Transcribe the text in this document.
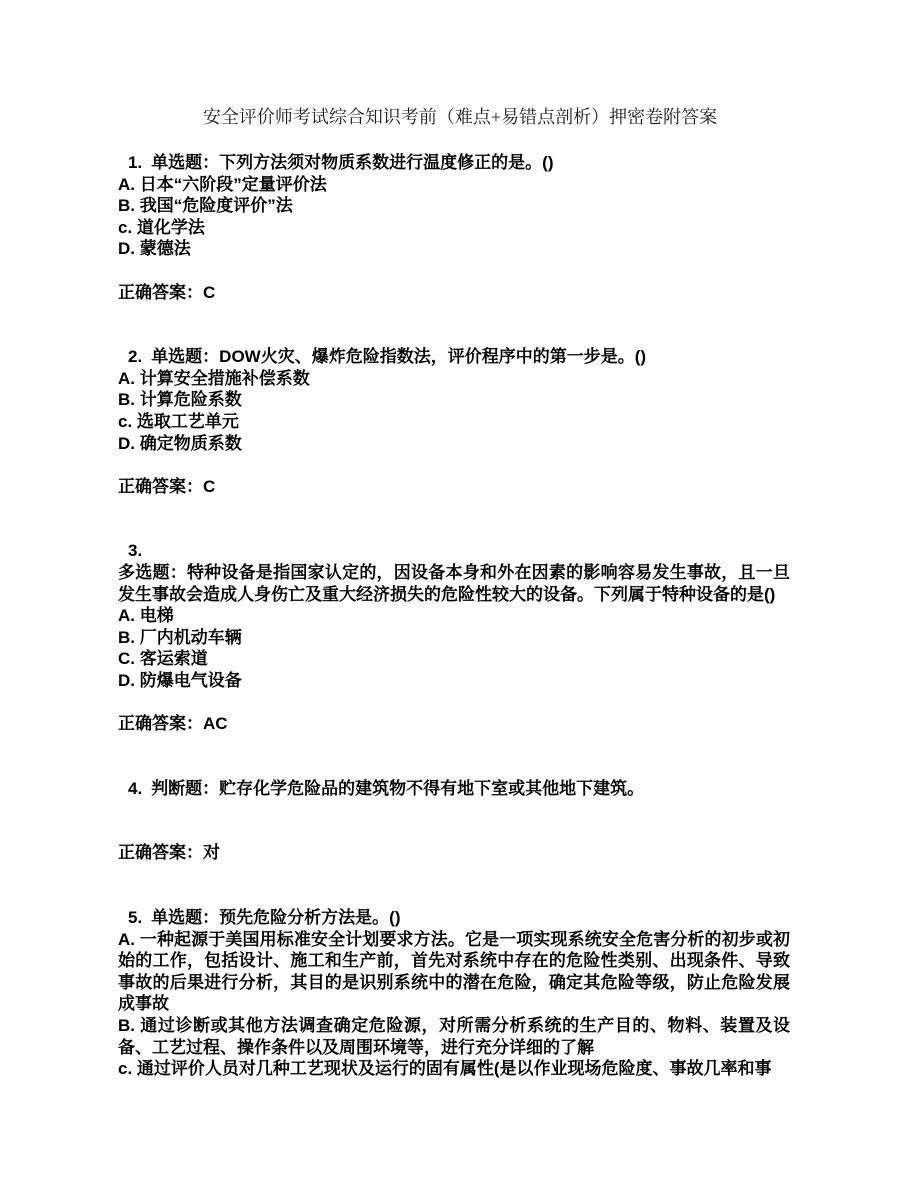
安全评价师考试综合知识考前（难点+易错点剖析）押密卷附答案
1. 单选题：下列方法须对物质系数进行温度修正的是。()
A. 日本“六阶段”定量评价法
B. 我国“危险度评价”法
c. 道化学法
D. 蒙德法
正确答案：C
2. 单选题：DOW火灾、爆炸危险指数法，评价程序中的第一步是。()
A. 计算安全措施补偿系数
B. 计算危险系数
c. 选取工艺单元
D. 确定物质系数
正确答案：C
3.
多选题：特种设备是指国家认定的，因设备本身和外在因素的影响容易发生事故，且一旦发生事故会造成人身伤亡及重大经济损失的危险性较大的设备。下列属于特种设备的是()
A. 电梯
B. 厂内机动车辆
C. 客运索道
D. 防爆电气设备
正确答案：AC
4. 判断题：贮存化学危险品的建筑物不得有地下室或其他地下建筑。
正确答案：对
5. 单选题：预先危险分析方法是。()
A. 一种起源于美国用标准安全计划要求方法。它是一项实现系统安全危害分析的初步或初始的工作，包括设计、施工和生产前，首先对系统中存在的危险性类别、出现条件、导致事故的后果进行分析，其目的是识别系统中的潜在危险，确定其危险等级，防止危险发展成事故
B. 通过诊断或其他方法调查确定危险源，对所需分析系统的生产目的、物料、装置及设备、工艺过程、操作条件以及周围环境等，进行充分详细的了解
c. 通过评价人员对几种工艺现状及运行的固有属性(是以作业现场危险度、事故几率和事
